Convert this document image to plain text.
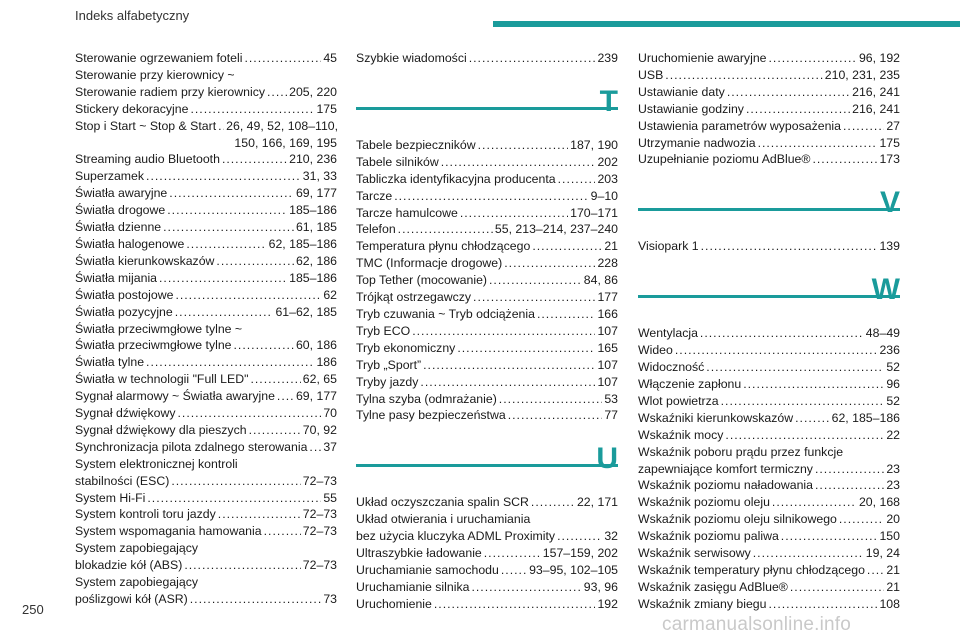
Indeks alfabetyczny
Sterowanie ogrzewaniem foteli .....	45
Sterowanie przy kierownicy ~
Sterowanie radiem przy kierownicy ..... 205, 220
Stickery dekoracyjne .....	175
Stop i Start ~ Stop & Start ..... 26, 49, 52, 108–110,
150, 166, 169, 195
Streaming audio Bluetooth .....	210, 236
Superzamek .....	31, 33
Światła awaryjne .....	69, 177
Światła drogowe .....	185–186
Światła dzienne .....	61, 185
Światła halogenowe .....	62, 185–186
Światła kierunkowskazów .....	62, 186
Światła mijania .....	185–186
Światła postojowe .....	62
Światła pozycyjne .....	61–62, 185
Światła przeciwmgłowe tylne ~
Światła przeciwmgłowe tylne .....	60, 186
Światła tylne .....	186
Światła w technologii "Full LED" .....	62, 65
Sygnał alarmowy ~ Światła awaryjne ..... 69, 177
Sygnał dźwiękowy .....	70
Sygnał dźwiękowy dla pieszych .....	70, 92
Synchronizacja pilota zdalnego sterowania ..... 37
System elektronicznej kontroli
stabilności (ESC) .....	72–73
System Hi-Fi .....	55
System kontroli toru jazdy .....	72–73
System wspomagania hamowania .....	72–73
System zapobiegający
blokadzie kół (ABS) .....	72–73
System zapobiegający
poślizgowi kół (ASR) .....	73
Szybkie wiadomości .....	239
T
Tabele bezpieczników .....	187, 190
Tabele silników .....	202
Tabliczka identyfikacyjna producenta .....	203
Tarcze .....	9–10
Tarcze hamulcowe .....	170–171
Telefon .....	55, 213–214, 237–240
Temperatura płynu chłodzącego .....	21
TMC (Informacje drogowe) .....	228
Top Tether (mocowanie) .....	84, 86
Trójkąt ostrzegawczy .....	177
Tryb czuwania ~ Tryb odciążenia .....	166
Tryb ECO .....	107
Tryb ekonomiczny .....	165
Tryb „Sport” .....	107
Tryby jazdy .....	107
Tylna szyba (odmrażanie) .....	53
Tylne pasy bezpieczeństwa .....	77
U
Układ oczyszczania spalin SCR .....	22, 171
Układ otwierania i uruchamiania
bez użycia kluczyka ADML Proximity .....	32
Ultraszybkie ładowanie .....	157–159, 202
Uruchamianie samochodu ..... 93–95, 102–105
Uruchamianie silnika .....	93, 96
Uruchomienie .....	192
Uruchomienie awaryjne .....	96, 192
USB .....	210, 231, 235
Ustawianie daty .....	216, 241
Ustawianie godziny .....	216, 241
Ustawienia parametrów wyposażenia .....	27
Utrzymanie nadwozia .....	175
Uzupełnianie poziomu AdBlue® .....	173
V
Visiopark 1 .....	139
W
Wentylacja .....	48–49
Wideo .....	236
Widoczność .....	52
Włączenie zapłonu .....	96
Wlot powietrza .....	52
Wskaźniki kierunkowskazów .....	62, 185–186
Wskaźnik mocy .....	22
Wskaźnik poboru prądu przez funkcje
zapewniające komfort termiczny .....	23
Wskaźnik poziomu naładowania .....	23
Wskaźnik poziomu oleju .....	20, 168
Wskaźnik poziomu oleju silnikowego .....	20
Wskaźnik poziomu paliwa .....	150
Wskaźnik serwisowy .....	19, 24
Wskaźnik temperatury płynu chłodzącego ..... 21
Wskaźnik zasięgu AdBlue® .....	21
Wskaźnik zmiany biegu .....	108
250
carmanualsonline.info
